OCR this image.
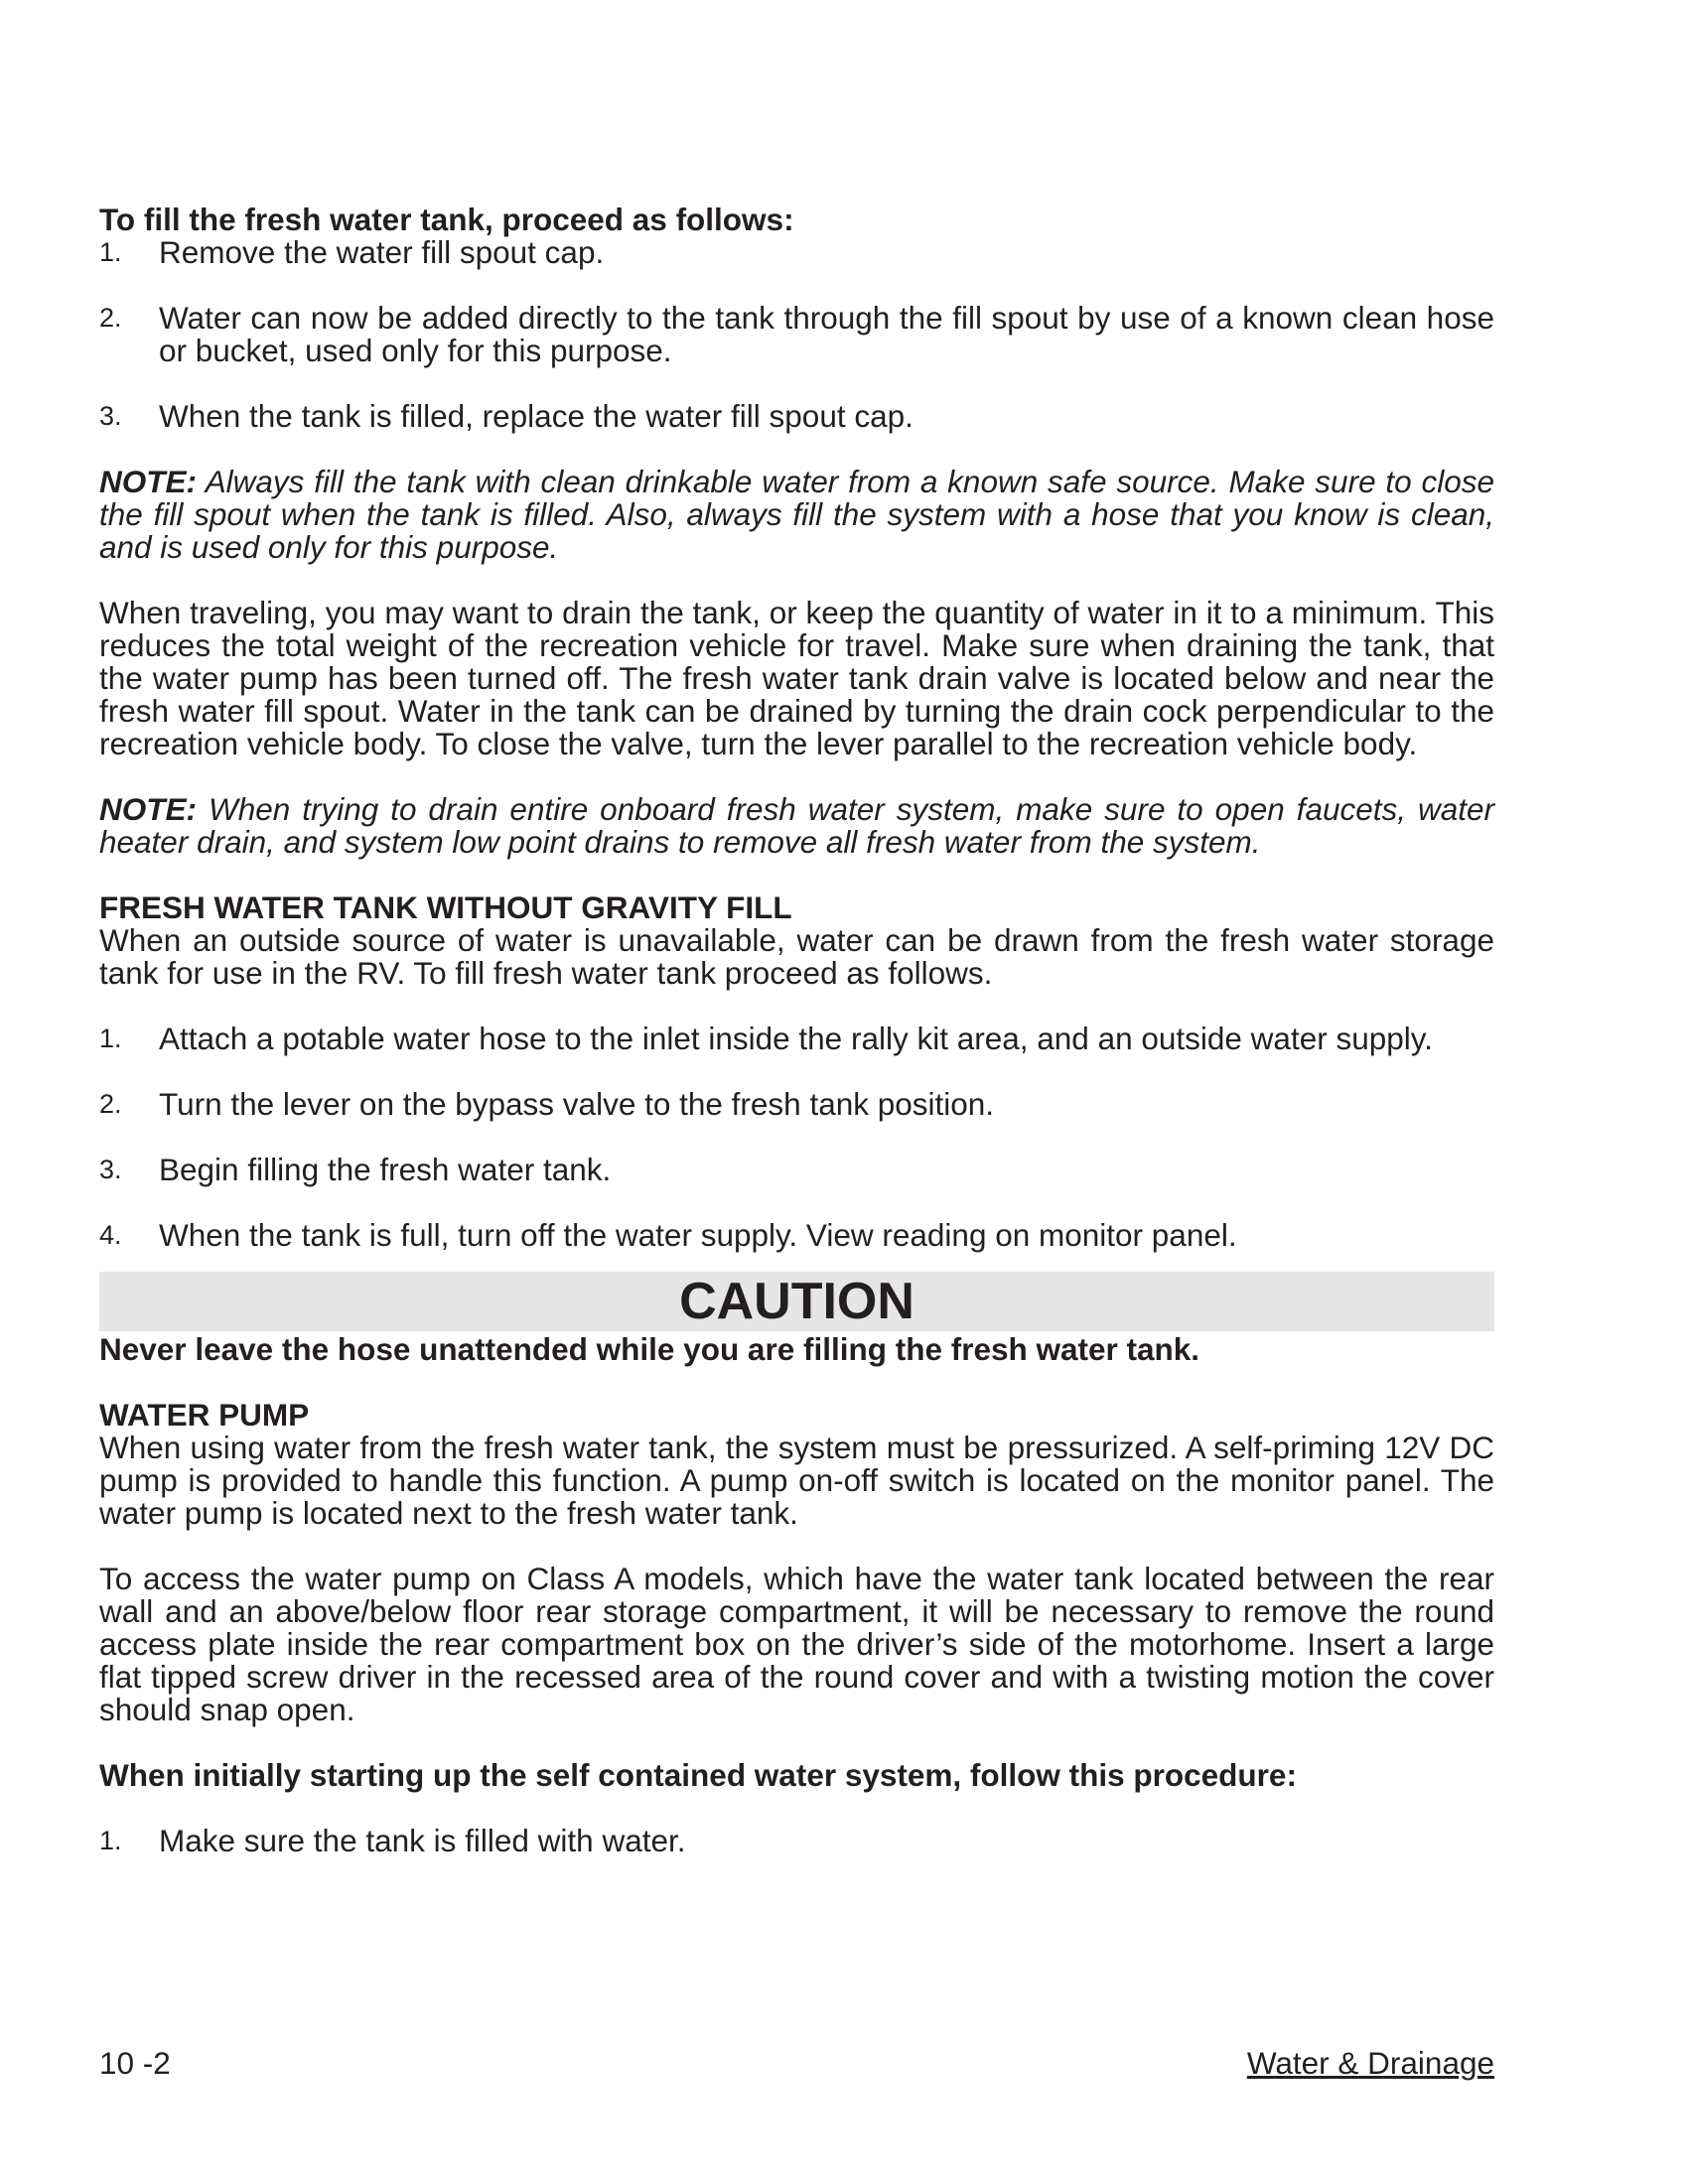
To fill the fresh water tank, proceed as follows:

1.	Remove the water fill spout cap.
2.	Water can now be added directly to the tank through the fill spout by use of a known clean hose or bucket, used only for this purpose.
3.	When the tank is filled, replace the water fill spout cap.

NOTE: Always fill the tank with clean drinkable water from a known safe source. Make sure to close the fill spout when the tank is filled. Also, always fill the system with a hose that you know is clean, and is used only for this purpose.

When traveling, you may want to drain the tank, or keep the quantity of water in it to a minimum. This reduces the total weight of the recreation vehicle for travel. Make sure when draining the tank, that the water pump has been turned off. The fresh water tank drain valve is located below and near the fresh water fill spout. Water in the tank can be drained by turning the drain cock perpendicular to the recreation vehicle body. To close the valve, turn the lever parallel to the recreation vehicle body.

NOTE: When trying to drain entire onboard fresh water system, make sure to open faucets, water heater drain, and system low point drains to remove all fresh water from the system.

FRESH WATER TANK WITHOUT GRAVITY FILL

When an outside source of water is unavailable, water can be drawn from the fresh water storage tank for use in the RV. To fill fresh water tank proceed as follows.

1.	Attach a potable water hose to the inlet inside the rally kit area, and an outside water supply.
2.	Turn the lever on the bypass valve to the fresh tank position.
3.	Begin filling the fresh water tank.
4.	When the tank is full, turn off the water supply. View reading on monitor panel.
CAUTION

Never leave the hose unattended while you are filling the fresh water tank.

WATER PUMP

When using water from the fresh water tank, the system must be pressurized. A self-priming 12V DC pump is provided to handle this function. A pump on-off switch is located on the monitor panel. The water pump is located next to the fresh water tank.

To access the water pump on Class A models, which have the water tank located between the rear wall and an above/below floor rear storage compartment, it will be necessary to remove the round access plate inside the rear compartment box on the driver’s side of the motorhome. Insert a large flat tipped screw driver in the recessed area of the round cover and with a twisting motion the cover should snap open.

When initially starting up the self contained water system, follow this procedure:

1.	Make sure the tank is filled with water.
10 -2	Water & Drainage
